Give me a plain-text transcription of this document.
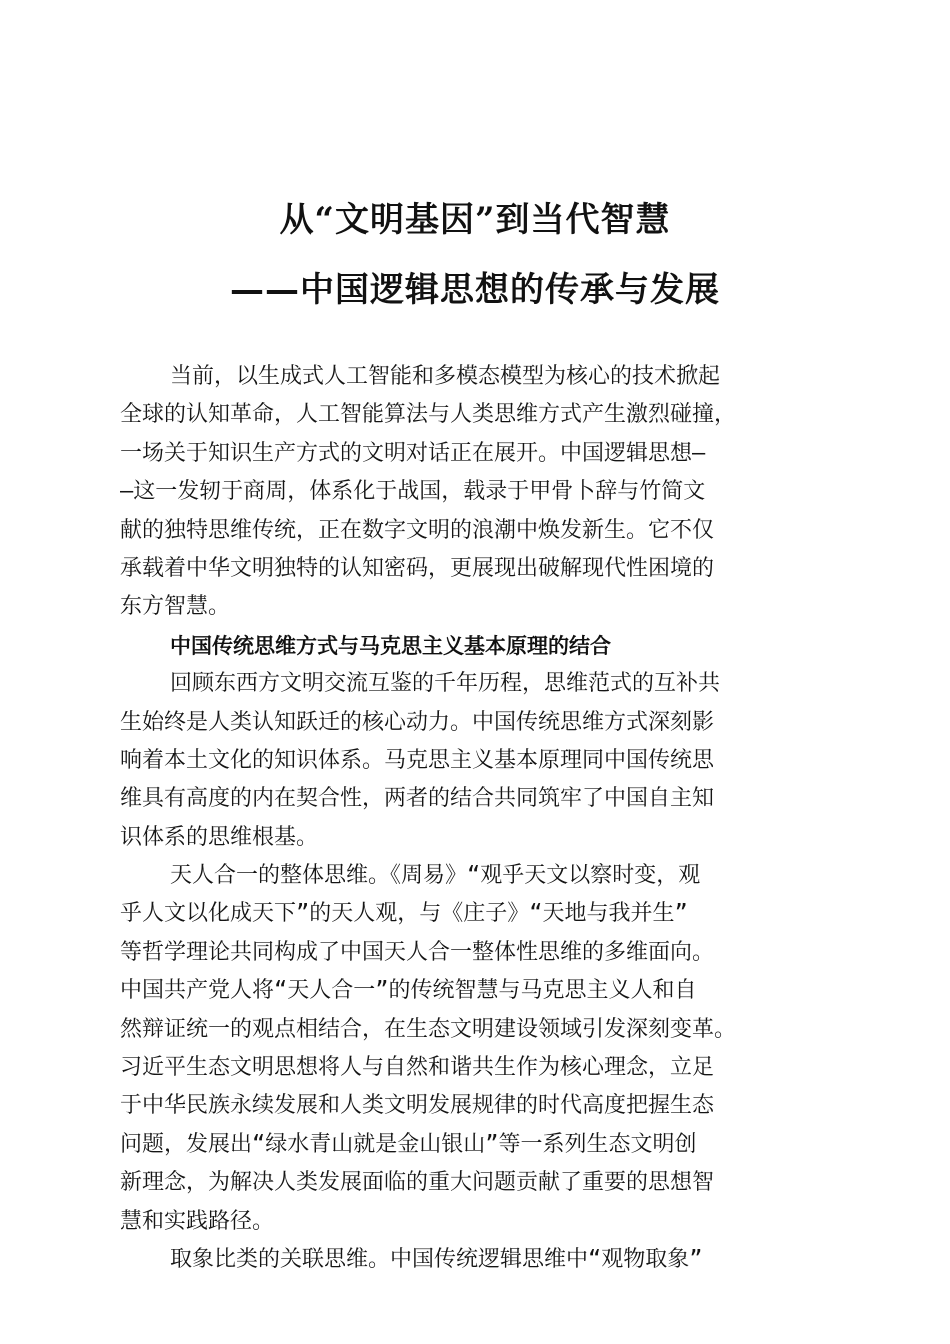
从“文明基因”到当代智慧
——中国逻辑思想的传承与发展
当前，以生成式人工智能和多模态模型为核心的技术掀起
全球的认知革命，人工智能算法与人类思维方式产生激烈碰撞，
一场关于知识生产方式的文明对话正在展开。中国逻辑思想—
—这一发轫于商周，体系化于战国，载录于甲骨卜辞与竹简文
献的独特思维传统，正在数字文明的浪潮中焕发新生。它不仅
承载着中华文明独特的认知密码，更展现出破解现代性困境的
东方智慧。
中国传统思维方式与马克思主义基本原理的结合
回顾东西方文明交流互鉴的千年历程，思维范式的互补共
生始终是人类认知跃迁的核心动力。中国传统思维方式深刻影
响着本土文化的知识体系。马克思主义基本原理同中国传统思
维具有高度的内在契合性，两者的结合共同筑牢了中国自主知
识体系的思维根基。
天人合一的整体思维。《周易》“观乎天文以察时变，观
乎人文以化成天下”的天人观，与《庄子》“天地与我并生”
等哲学理论共同构成了中国天人合一整体性思维的多维面向。
中国共产党人将“天人合一”的传统智慧与马克思主义人和自
然辩证统一的观点相结合，在生态文明建设领域引发深刻变革。
习近平生态文明思想将人与自然和谐共生作为核心理念，立足
于中华民族永续发展和人类文明发展规律的时代高度把握生态
问题，发展出“绿水青山就是金山银山”等一系列生态文明创
新理念，为解决人类发展面临的重大问题贡献了重要的思想智
慧和实践路径。
取象比类的关联思维。中国传统逻辑思维中“观物取象”
